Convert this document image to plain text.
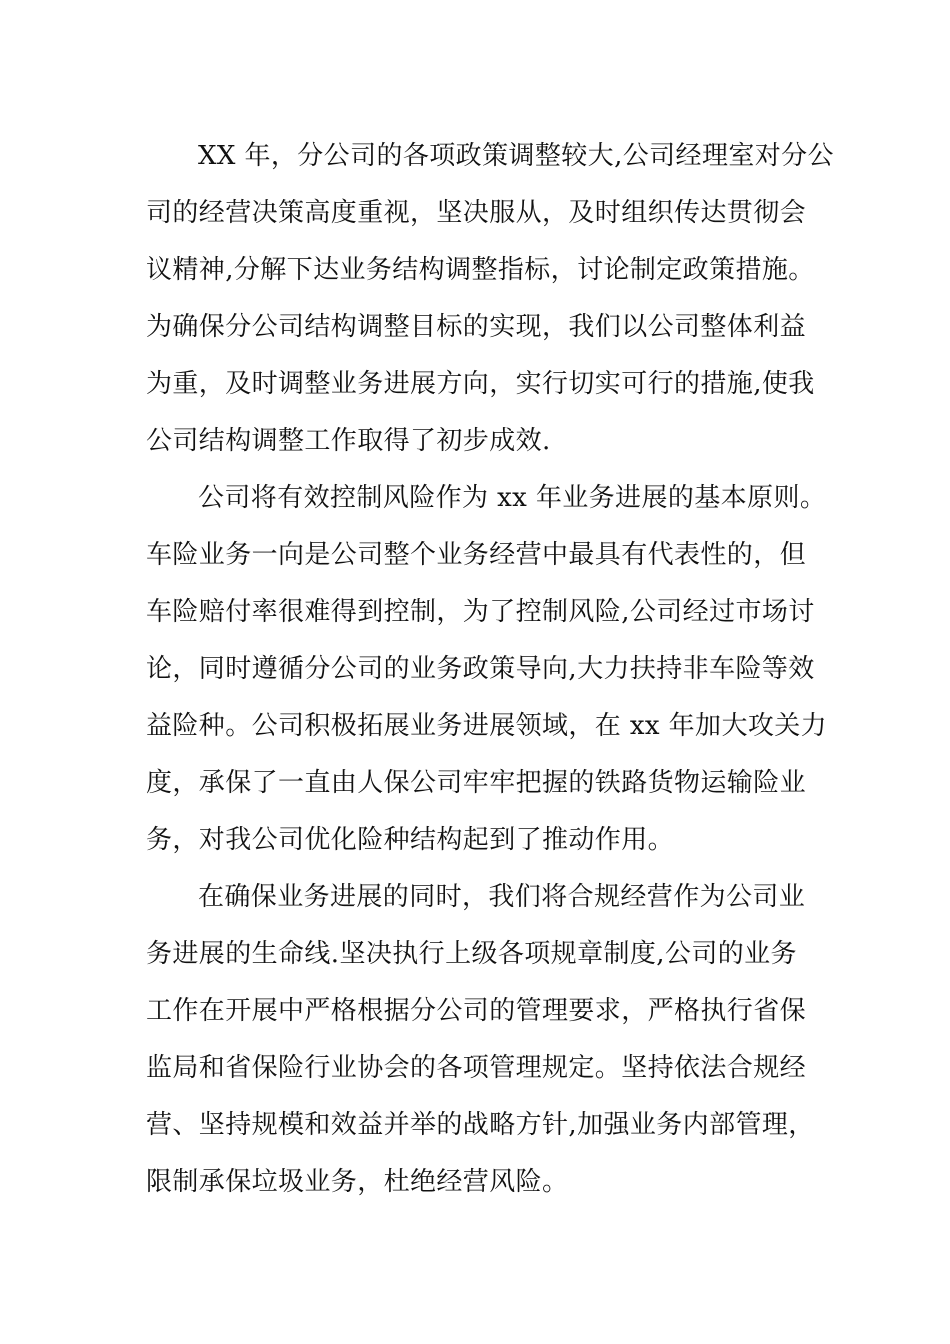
XX 年，分公司的各项政策调整较大,公司经理室对分公
司的经营决策高度重视，坚决服从，及时组织传达贯彻会
议精神,分解下达业务结构调整指标，讨论制定政策措施。
为确保分公司结构调整目标的实现，我们以公司整体利益
为重，及时调整业务进展方向，实行切实可行的措施,使我
公司结构调整工作取得了初步成效.
公司将有效控制风险作为 xx 年业务进展的基本原则。
车险业务一向是公司整个业务经营中最具有代表性的，但
车险赔付率很难得到控制，为了控制风险,公司经过市场讨
论，同时遵循分公司的业务政策导向,大力扶持非车险等效
益险种。公司积极拓展业务进展领域，在 xx 年加大攻关力
度，承保了一直由人保公司牢牢把握的铁路货物运输险业
务，对我公司优化险种结构起到了推动作用。
在确保业务进展的同时，我们将合规经营作为公司业
务进展的生命线.坚决执行上级各项规章制度,公司的业务
工作在开展中严格根据分公司的管理要求，严格执行省保
监局和省保险行业协会的各项管理规定。坚持依法合规经
营、坚持规模和效益并举的战略方针,加强业务内部管理，
限制承保垃圾业务，杜绝经营风险。
